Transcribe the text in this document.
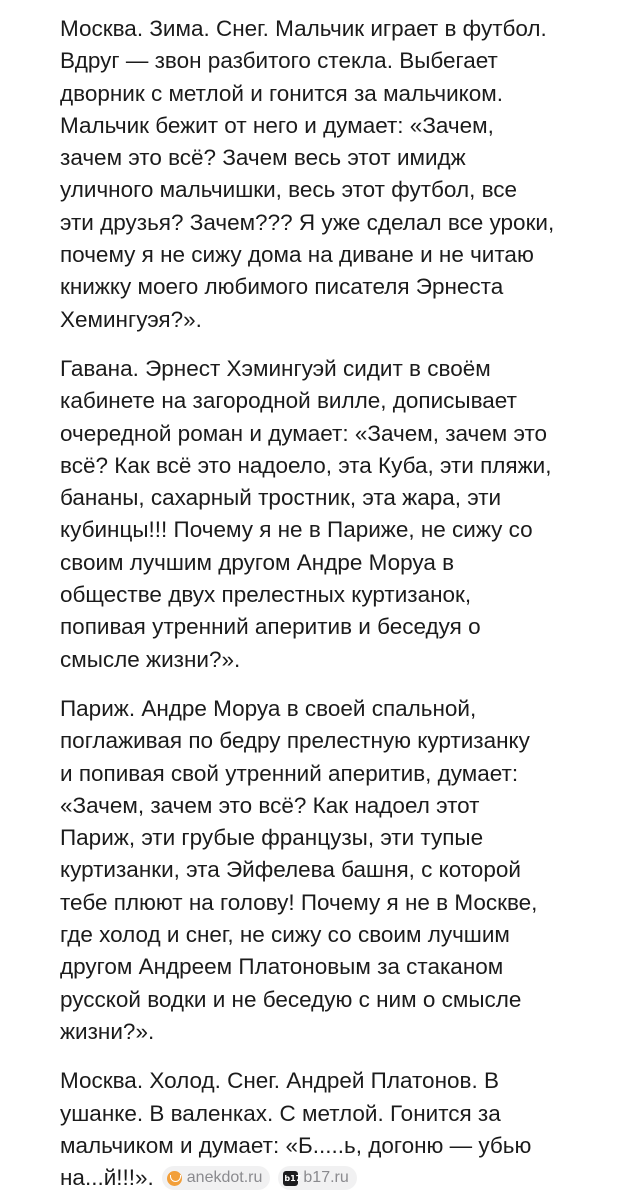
Москва. Зима. Снег. Мальчик играет в футбол.
Вдруг — звон разбитого стекла. Выбегает
дворник с метлой и гонится за мальчиком.
Мальчик бежит от него и думает: «Зачем,
зачем это всё? Зачем весь этот имидж
уличного мальчишки, весь этот футбол, все
эти друзья? Зачем??? Я уже сделал все уроки,
почему я не сижу дома на диване и не читаю
книжку моего любимого писателя Эрнеста
Хемингуэя?».
Гавана. Эрнест Хэмингуэй сидит в своём
кабинете на загородной вилле, дописывает
очередной роман и думает: «Зачем, зачем это
всё? Как всё это надоело, эта Куба, эти пляжи,
бананы, сахарный тростник, эта жара, эти
кубинцы!!! Почему я не в Париже, не сижу со
своим лучшим другом Андре Моруа в
обществе двух прелестных куртизанок,
попивая утренний аперитив и беседуя о
смысле жизни?».
Париж. Андре Моруа в своей спальной,
поглаживая по бедру прелестную куртизанку
и попивая свой утренний аперитив, думает:
«Зачем, зачем это всё? Как надоел этот
Париж, эти грубые французы, эти тупые
куртизанки, эта Эйфелева башня, с которой
тебе плюют на голову! Почему я не в Москве,
где холод и снег, не сижу со своим лучшим
другом Андреем Платоновым за стаканом
русской водки и не беседую с ним о смысле
жизни?».
Москва. Холод. Снег. Андрей Платонов. В
ушанке. В валенках. С метлой. Гонится за
мальчиком и думает: «Б.....ь, догоню — убью
на...й!!!». anekdot.ru
b17	b17.ru
